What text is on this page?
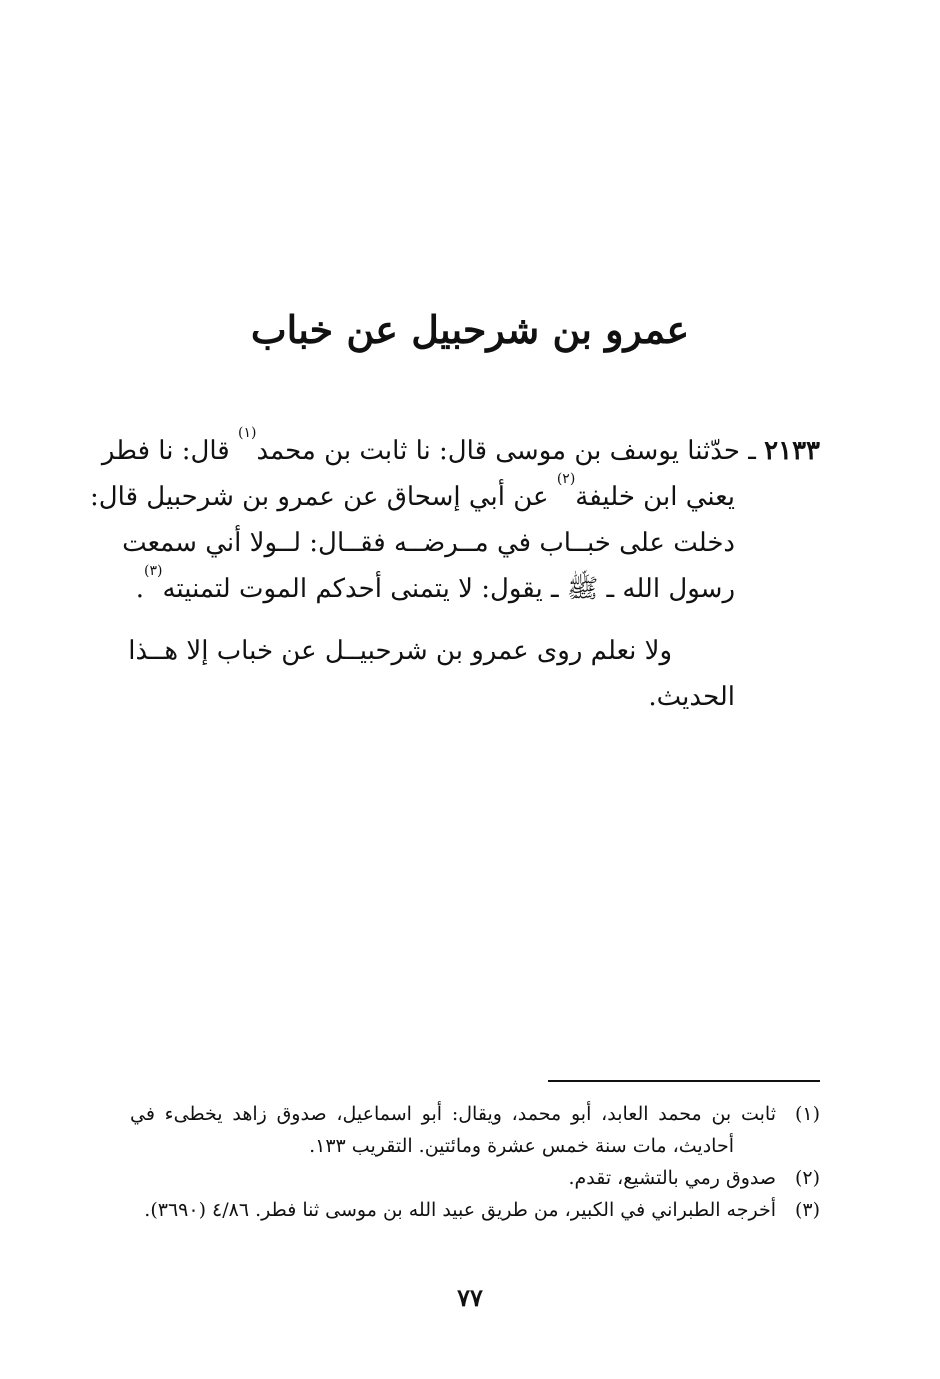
عمرو بن شرحبيل عن خباب
٢١٣٣ ـ حدّثنا يوسف بن موسى قال: نا ثابت بن محمد$^{(١)}$ قال: نا فطر
يعني ابن خليفة$^{(٢)}$ عن أبي إسحاق عن عمرو بن شرحبيل قال:
دخلت على خبــاب في مــرضــه فقــال: لــولا أني سمعت
رسول الله ـ ﷺ ـ يقول: لا يتمنى أحدكم الموت لتمنيته$^{(٣)}$.
ولا نعلم روى عمرو بن شرحبيــل عن خباب إلا هــذا
الحديث.
(١)ثابت بن محمد العابد، أبو محمد، ويقال: أبو اسماعيل، صدوق زاهد يخطىء في
أحاديث، مات سنة خمس عشرة ومائتين. التقريب ١٣٣.
(٢)صدوق رمي بالتشيع، تقدم.
(٣)أخرجه الطبراني في الكبير، من طريق عبيد الله بن موسى ثنا فطر. ٤/٨٦ (٣٦٩٠).
٧٧
